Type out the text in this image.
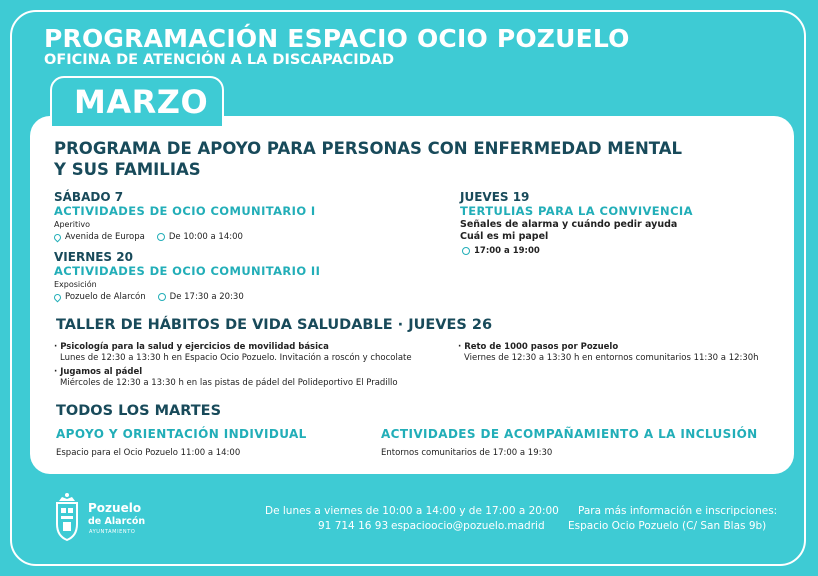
PROGRAMACIÓN ESPACIO OCIO POZUELO
OFICINA DE ATENCIÓN A LA DISCAPACIDAD
MARZO
PROGRAMA DE APOYO PARA PERSONAS CON ENFERMEDAD MENTAL
Y SUS FAMILIAS
SÁBADO 7
ACTIVIDADES DE OCIO COMUNITARIO I
Aperitivo
Avenida de Europa	De 10:00 a 14:00
VIERNES 20
ACTIVIDADES DE OCIO COMUNITARIO II
Exposición
Pozuelo de Alarcón	De 17:30 a 20:30
JUEVES 19
TERTULIAS PARA LA CONVIVENCIA
Señales de alarma y cuándo pedir ayuda
Cuál es mi papel
17:00 a 19:00
TALLER DE HÁBITOS DE VIDA SALUDABLE · JUEVES 26
· Psicología para la salud y ejercicios de movilidad básica
Lunes de 12:30 a 13:30 h en Espacio Ocio Pozuelo. Invitación a roscón y chocolate
· Jugamos al pádel
Miércoles de 12:30 a 13:30 h en las pistas de pádel del Polideportivo El Pradillo
· Reto de 1000 pasos por Pozuelo
Viernes de 12:30 a 13:30 h en entornos comunitarios 11:30 a 12:30h
TODOS LOS MARTES
APOYO Y ORIENTACIÓN INDIVIDUAL
Espacio para el Ocio Pozuelo 11:00 a 14:00
ACTIVIDADES DE ACOMPAÑAMIENTO A LA INCLUSIÓN
Entornos comunitarios de 17:00 a 19:30
Pozuelo
de Alarcón
AYUNTAMIENTO
De lunes a viernes de 10:00 a 14:00 y de 17:00 a 20:00
91 714 16 93 espacioocio@pozuelo.madrid
Para más información e inscripciones:
Espacio Ocio Pozuelo (C/ San Blas 9b)
